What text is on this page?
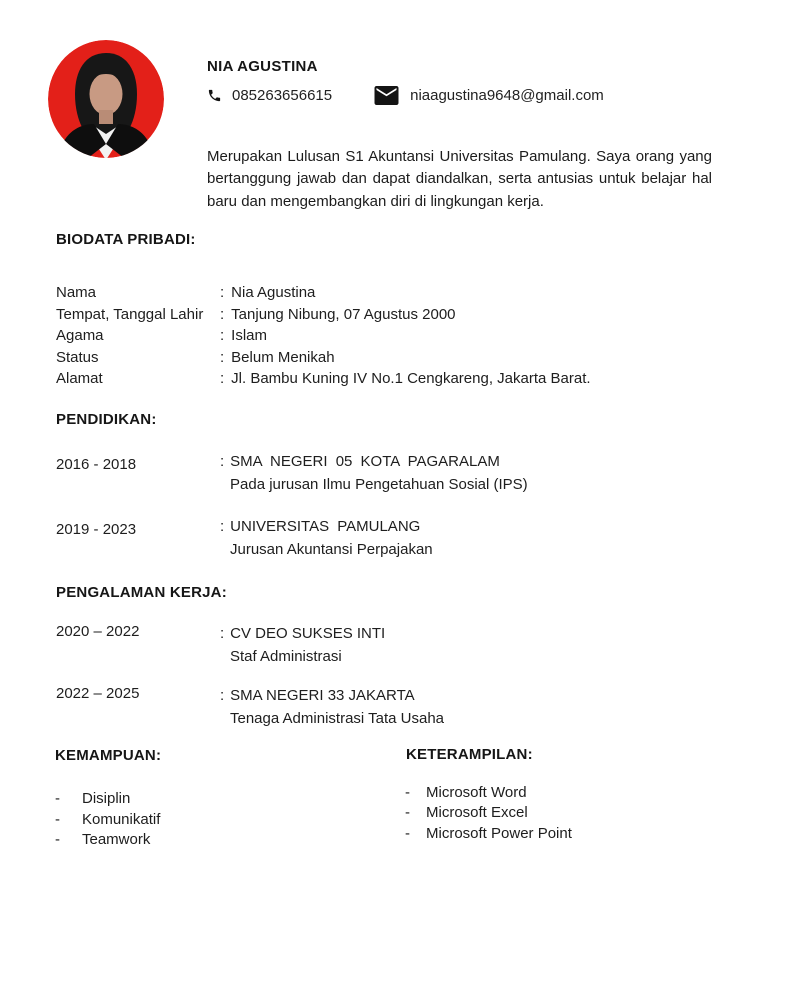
NIA AGUSTINA
085263656615	niaagustina9648@gmail.com

Merupakan Lulusan S1 Akuntansi Universitas Pamulang. Saya orang yang bertanggung jawab dan dapat diandalkan, serta antusias untuk belajar hal baru dan mengembangkan diri di lingkungan kerja.

BIODATA PRIBADI:
Nama	: Nia Agustina
Tempat, Tanggal Lahir	: Tanjung Nibung, 07 Agustus 2000
Agama	: Islam
Status	: Belum Menikah
Alamat	: Jl. Bambu Kuning IV No.1 Cengkareng, Jakarta Barat.
PENDIDIKAN:
2016 - 2018	: SMA NEGERI 05 KOTA PAGARALAM
Pada jurusan Ilmu Pengetahuan Sosial (IPS)
2019 - 2023	: UNIVERSITAS PAMULANG
Jurusan Akuntansi Perpajakan
PENGALAMAN KERJA:
2020 – 2022	: CV DEO SUKSES INTI
Staf Administrasi
2022 – 2025	: SMA NEGERI 33 JAKARTA
Tenaga Administrasi Tata Usaha
KEMAMPUAN:
-	Disiplin
-	Komunikatif
-	Teamwork
KETERAMPILAN:
-	Microsoft Word
-	Microsoft Excel
-	Microsoft Power Point
